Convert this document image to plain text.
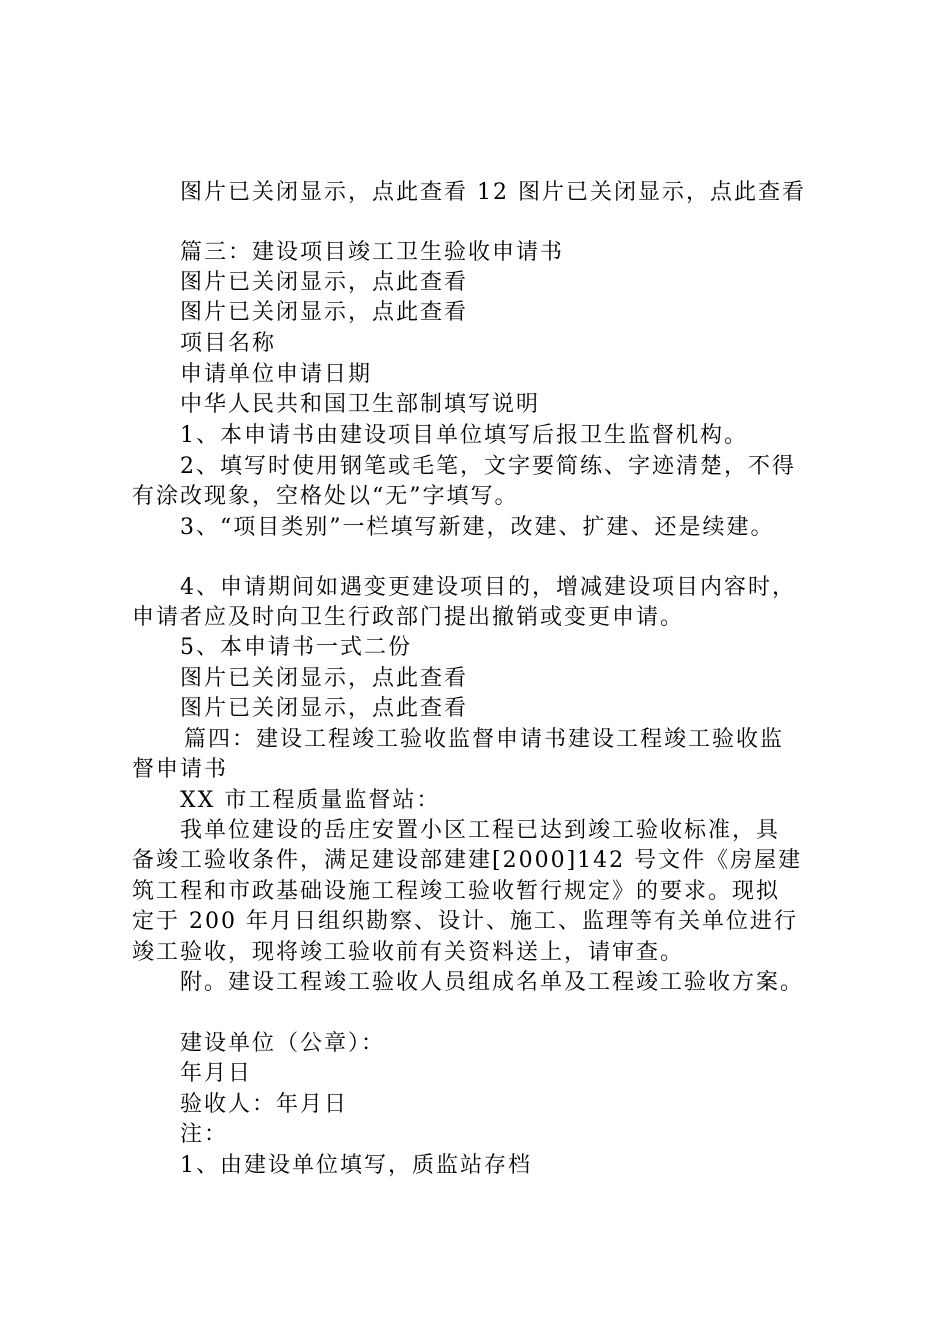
图片已关闭显示，点此查看 12 图片已关闭显示，点此查看
篇三：建设项目竣工卫生验收申请书
图片已关闭显示，点此查看
图片已关闭显示，点此查看
项目名称
申请单位申请日期
中华人民共和国卫生部制填写说明
1、本申请书由建设项目单位填写后报卫生监督机构。
2、填写时使用钢笔或毛笔，文字要简练、字迹清楚，不得
有涂改现象，空格处以“无”字填写。
3、“项目类别”一栏填写新建，改建、扩建、还是续建。
4、申请期间如遇变更建设项目的，增减建设项目内容时，
申请者应及时向卫生行政部门提出撤销或变更申请。
5、本申请书一式二份
图片已关闭显示，点此查看
图片已关闭显示，点此查看
篇四：建设工程竣工验收监督申请书建设工程竣工验收监
督申请书
XX 市工程质量监督站：
我单位建设的岳庄安置小区工程已达到竣工验收标准，具
备竣工验收条件，满足建设部建建[2000]142 号文件《房屋建
筑工程和市政基础设施工程竣工验收暂行规定》的要求。现拟
定于 200 年月日组织勘察、设计、施工、监理等有关单位进行
竣工验收，现将竣工验收前有关资料送上，请审查。
附。建设工程竣工验收人员组成名单及工程竣工验收方案。
建设单位（公章）：
年月日
验收人：年月日
注：
1、由建设单位填写，质监站存档
